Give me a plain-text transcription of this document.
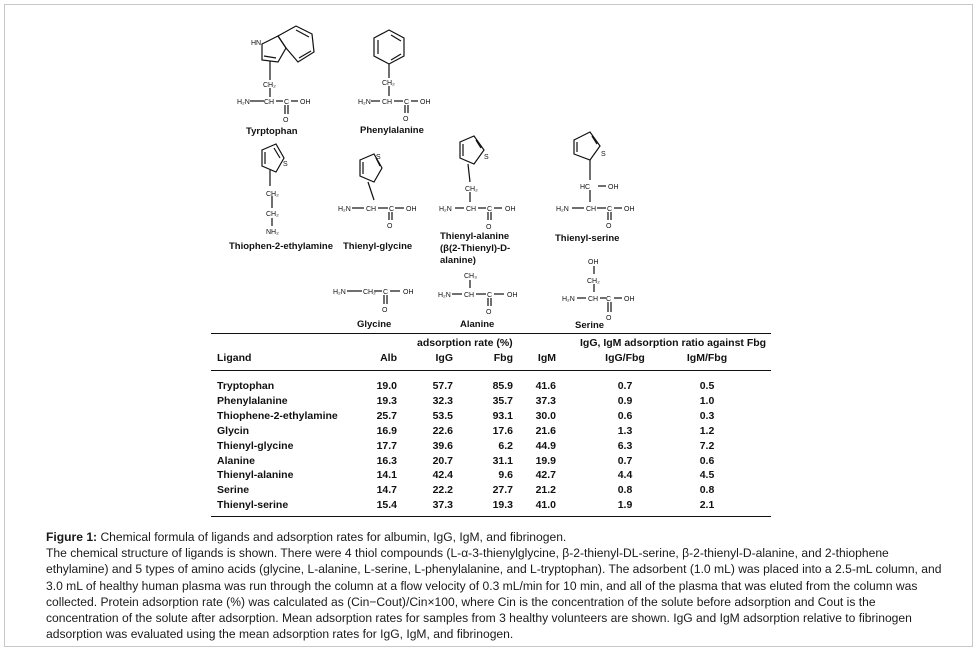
HN
CH₂
H₂N CH C OH
O
Tyrptophan
CH₂
H₂N CH C OH
O
Phenylalanine
S
CH₂
CH₂
NH₂
Thiophen-2-ethylamine
S
H₂N CH C OH
O
Thienyl-glycine
S
CH₂
H₂N CH C OH
O
Thienyl-alanine
(β(2-Thienyl)-D-
alanine)
S
HC	OH
H₂N CH C OH
O
Thienyl-serine
H₂N CH₂ C OH
O
Glycine
CH₃
H₂N CH C OH
O
Alanine
OH
CH₂
H₂N CH C OH
O
Serine
adsorption rate (%)	IgG, IgM adsorption ratio against Fbg
Ligand	Alb	IgG	Fbg	IgM	IgG/Fbg	IgM/Fbg
Tryptophan	19.0	57.7	85.9	41.6	0.7	0.5
Phenylalanine	19.3	32.3	35.7	37.3	0.9	1.0
Thiophene-2-ethylamine	25.7	53.5	93.1	30.0	0.6	0.3
Glycin	16.9	22.6	17.6	21.6	1.3	1.2
Thienyl-glycine	17.7	39.6	6.2	44.9	6.3	7.2
Alanine	16.3	20.7	31.1	19.9	0.7	0.6
Thienyl-alanine	14.1	42.4	9.6	42.7	4.4	4.5
Serine	14.7	22.2	27.7	21.2	0.8	0.8
Thienyl-serine	15.4	37.3	19.3	41.0	1.9	2.1
Figure 1: Chemical formula of ligands and adsorption rates for albumin, IgG, IgM, and fibrinogen.
The chemical structure of ligands is shown. There were 4 thiol compounds (L-α-3-thienylglycine, β-2-thienyl-DL-serine, β-2-thienyl-D-alanine, and 2-thiophene ethylamine) and 5 types of amino acids (glycine, L-alanine, L-serine, L-phenylalanine, and L-tryptophan). The adsorbent (1.0 mL) was placed into a 2.5-mL column, and 3.0 mL of healthy human plasma was run through the column at a flow velocity of 0.3 mL/min for 10 min, and all of the plasma that was eluted from the column was collected. Protein adsorption rate (%) was calculated as (Cin−Cout)/Cin×100, where Cin is the concentration of the solute before adsorption and Cout is the concentration of the solute after adsorption. Mean adsorption rates for samples from 3 healthy volunteers are shown. IgG and IgM adsorption relative to fibrinogen adsorption was evaluated using the mean adsorption rates for IgG, IgM, and fibrinogen.
